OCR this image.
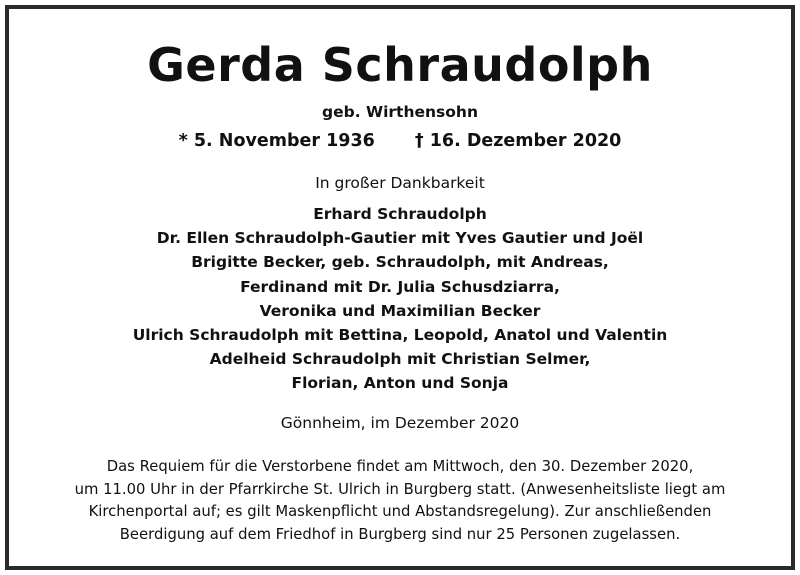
Gerda Schraudolph
geb. Wirthensohn
* 5. November 1936 † 16. Dezember 2020
In großer Dankbarkeit
Erhard Schraudolph
Dr. Ellen Schraudolph-Gautier mit Yves Gautier und Joël
Brigitte Becker, geb. Schraudolph, mit Andreas,
Ferdinand mit Dr. Julia Schusdziarra,
Veronika und Maximilian Becker
Ulrich Schraudolph mit Bettina, Leopold, Anatol und Valentin
Adelheid Schraudolph mit Christian Selmer,
Florian, Anton und Sonja
Gönnheim, im Dezember 2020
Das Requiem für die Verstorbene findet am Mittwoch, den 30. Dezember 2020,
um 11.00 Uhr in der Pfarrkirche St. Ulrich in Burgberg statt. (Anwesenheitsliste liegt am
Kirchenportal auf; es gilt Maskenpflicht und Abstandsregelung). Zur anschließenden
Beerdigung auf dem Friedhof in Burgberg sind nur 25 Personen zugelassen.
